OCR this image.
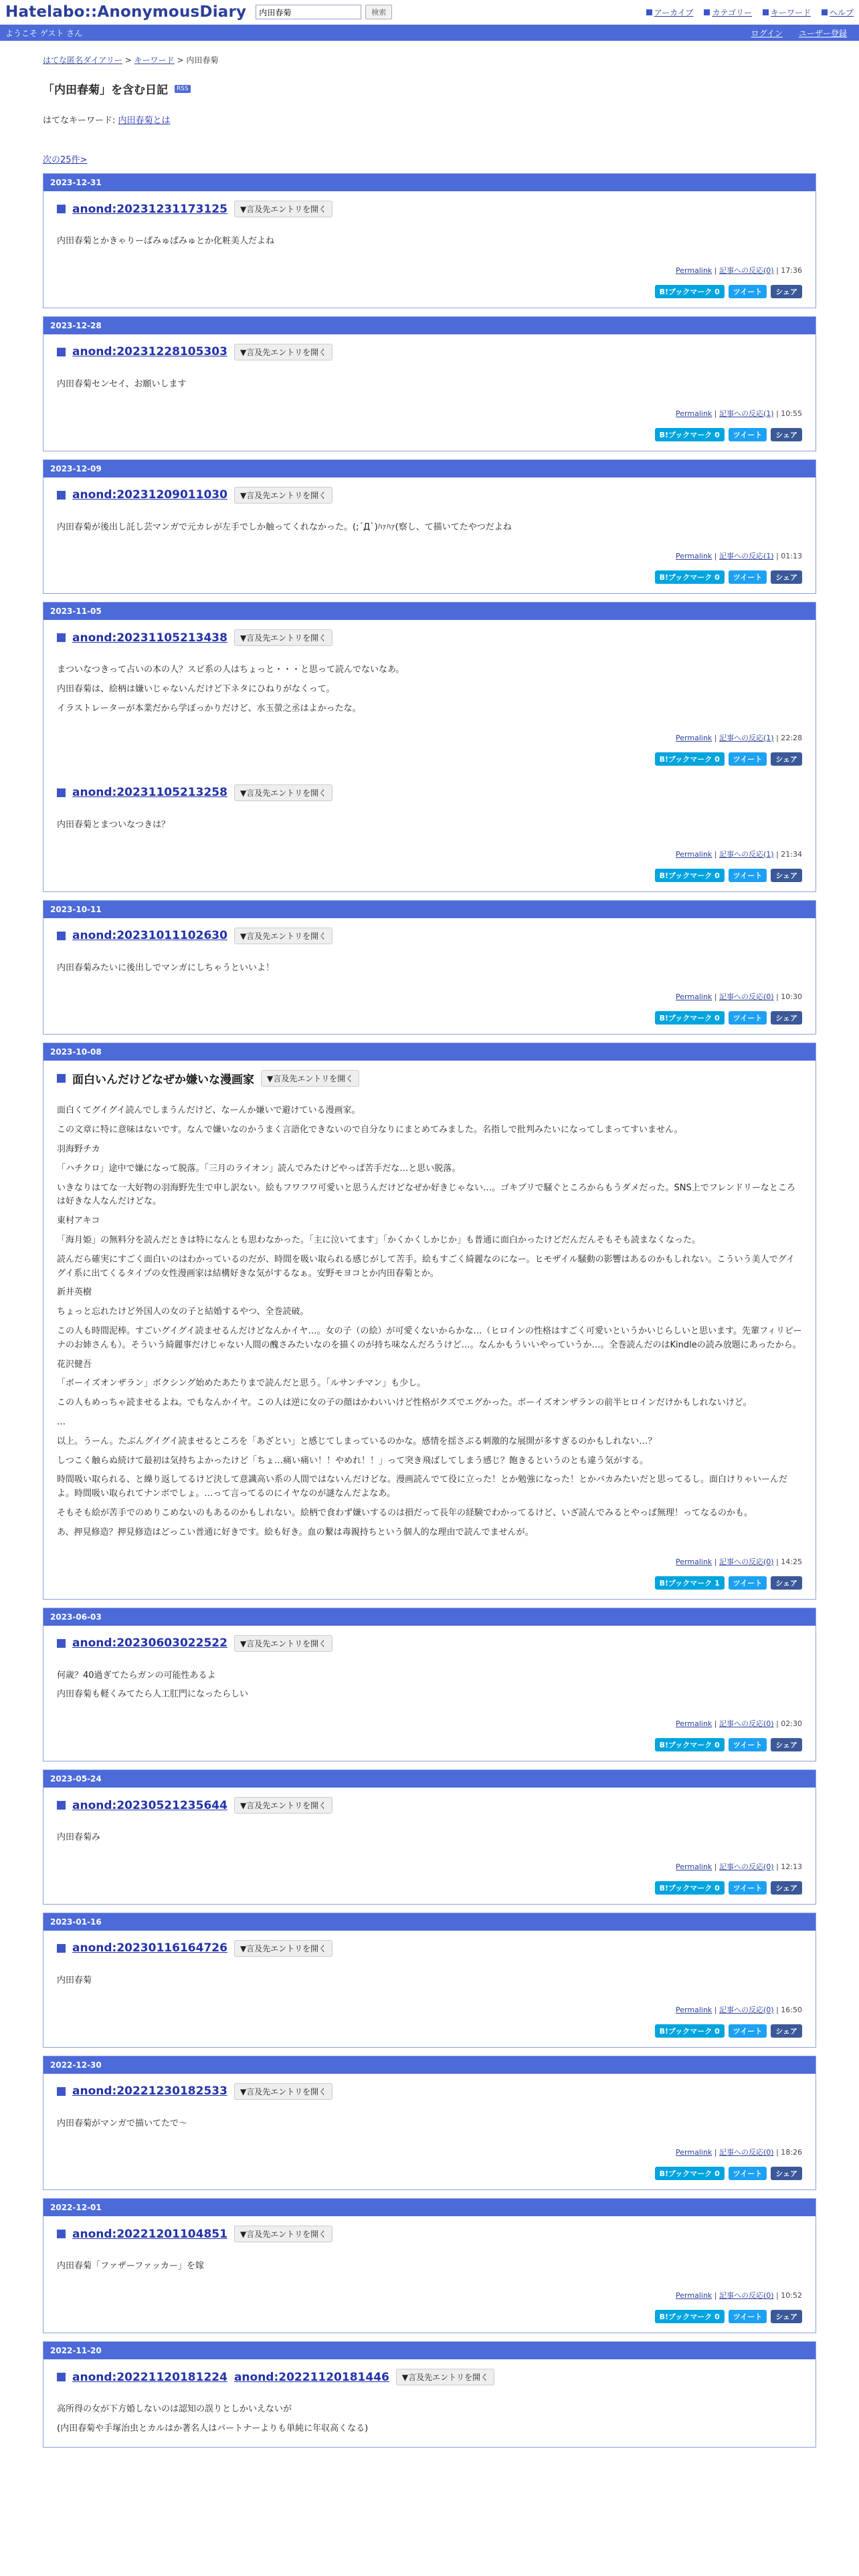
Hatelabo::AnonymousDiary
内田春菊	検索	アーカイブ カテゴリー キーワード ヘルプ
ようこそ ゲスト さん	ログイン ユーザー登録
はてな匿名ダイアリー > キーワード > 内田春菊
「内田春菊」を含む日記	RSS
はてなキーワード: 内田春菊とは
次の25件>
2023-12-31
anond:20231231173125	▼言及先エントリを開く

内田春菊とかきゃりーぱみゅぱみゅとか化粧美人だよね

Permalink | 記事への反応(0) | 17:36
B!ブックマーク 0	ツイート	シェア
2023-12-28
anond:20231228105303	▼言及先エントリを開く

内田春菊センセイ、お願いします

Permalink | 記事への反応(1) | 10:55
B!ブックマーク 0	ツイート	シェア
2023-12-09
anond:20231209011030	▼言及先エントリを開く

内田春菊が後出し託し芸マンガで元カレが左手でしか触ってくれなかった。(;´Д`)ﾊｧﾊｧ(察し、て描いてたやつだよね

Permalink | 記事への反応(1) | 01:13
B!ブックマーク 0	ツイート	シェア
2023-11-05
anond:20231105213438	▼言及先エントリを開く

まついなつきって占いの本の人？スピ系の人はちょっと・・・と思って読んでないなあ。

内田春菊は、絵柄は嫌いじゃないんだけど下ネタにひねりがなくって。

イラストレーターが本業だから学ぼっかりだけど、水玉螢之丞はよかったな。

Permalink | 記事への反応(1) | 22:28
B!ブックマーク 0	ツイート	シェア
anond:20231105213258	▼言及先エントリを開く

内田春菊とまついなつきは？

Permalink | 記事への反応(1) | 21:34
B!ブックマーク 0	ツイート	シェア
2023-10-11
anond:20231011102630	▼言及先エントリを開く

内田春菊みたいに後出しでマンガにしちゃうといいよ！

Permalink | 記事への反応(0) | 10:30
B!ブックマーク 0	ツイート	シェア
2023-10-08
面白いんだけどなぜか嫌いな漫画家	▼言及先エントリを開く

面白くてグイグイ読んでしまうんだけど、なーんか嫌いで避けている漫画家。

この文章に特に意味はないです。なんで嫌いなのかうまく言語化できないので自分なりにまとめてみました。名指しで批判みたいになってしまってすいません。

羽海野チカ

「ハチクロ」途中で嫌になって脱落。「三月のライオン」読んでみたけどやっぱ苦手だな…と思い脱落。

いきなりはてな一大好物の羽海野先生で申し訳ない。絵もフワフワ可愛いと思うんだけどなぜか好きじゃない…。ゴキブリで騒ぐところからもうダメだった。SNS上でフレンドリーなところは好きな人なんだけどな。

東村アキコ

「海月姫」の無料分を読んだときは特になんとも思わなかった。「主に泣いてます」「かくかくしかじか」も普通に面白かったけどだんだんそもそも読まなくなった。

読んだら確実にすごく面白いのはわかっているのだが、時間を吸い取られる感じがして苦手。絵もすごく綺麗なのになー。ヒモザイル騒動の影響はあるのかもしれない。こういう美人でグイグイ系に出てくるタイプの女性漫画家は結構好きな気がするなぁ。安野モヨコとか内田春菊とか。

新井英樹

ちょっと忘れたけど外国人の女の子と結婚するやつ、全巻読破。

この人も時間泥棒。すごいグイグイ読ませるんだけどなんかイヤ…。女の子（の絵）が可愛くないからかな…（ヒロインの性格はすごく可愛いというかいじらしいと思います。先輩フィリピーナのお姉さんも）。そういう綺麗事だけじゃない人間の醜さみたいなのを描くのが持ち味なんだろうけど…。なんかもういいやっていうか…。全巻読んだのはKindleの読み放題にあったから。

花沢健吾

「ボーイズオンザラン」ボクシング始めたあたりまで読んだと思う。「ルサンチマン」も少し。

この人もめっちゃ読ませるよね。でもなんかイヤ。この人は逆に女の子の顔はかわいいけど性格がクズでエグかった。ボーイズオンザランの前半ヒロインだけかもしれないけど。

…

以上。うーん。たぶんグイグイ読ませるところを「あざとい」と感じてしまっているのかな。感情を揺さぶる刺激的な展開が多すぎるのかもしれない…？

しつこく触らぬ続けて最初は気持ちよかったけど「ちょ…痛い痛い！！やめれ！！」って突き飛ばしてしまう感じ？飽きるというのとも違う気がする。

時間吸い取られる、と繰り返してるけど決して意識高い系の人間ではないんだけどな。漫画読んでて役に立った！とか勉強になった！とかバカみたいだと思ってるし。面白けりゃいーんだよ。時間吸い取られてナンボでしょ。…って言ってるのにイヤなのが謎なんだよなあ。

そもそも絵が苦手でのめりこめないのもあるのかもしれない。絵柄で食わず嫌いするのは損だって長年の経験でわかってるけど、いざ読んでみるとやっぱ無理！ってなるのかも。

あ、押見修造？押見修造はどっこい普通に好きです。絵も好き。血の繋は毒親持ちという個人的な理由で読んでませんが。

Permalink | 記事への反応(0) | 14:25
B!ブックマーク 1	ツイート	シェア
2023-06-03
anond:20230603022522	▼言及先エントリを開く

何歳？40過ぎてたらガンの可能性あるよ

内田春菊も軽くみてたら人工肛門になったらしい

Permalink | 記事への反応(0) | 02:30
B!ブックマーク 0	ツイート	シェア
2023-05-24
anond:20230521235644	▼言及先エントリを開く

内田春菊み

Permalink | 記事への反応(0) | 12:13
B!ブックマーク 0	ツイート	シェア
2023-01-16
anond:20230116164726	▼言及先エントリを開く

内田春菊

Permalink | 記事への反応(0) | 16:50
B!ブックマーク 0	ツイート	シェア
2022-12-30
anond:20221230182533	▼言及先エントリを開く

内田春菊がマンガで描いてたで〜

Permalink | 記事への反応(0) | 18:26
B!ブックマーク 0	ツイート	シェア
2022-12-01
anond:20221201104851	▼言及先エントリを開く

内田春菊「ファザーファッカー」を嫁

Permalink | 記事への反応(0) | 10:52
B!ブックマーク 0	ツイート	シェア
2022-11-20
anond:20221120181224 anond:20221120181446	▼言及先エントリを開く

高所得の女が下方婚しないのは認知の誤りとしかいえないが

(内田春菊や手塚治虫とカルはか著名人はパートナーよりも単純に年収高くなる)
